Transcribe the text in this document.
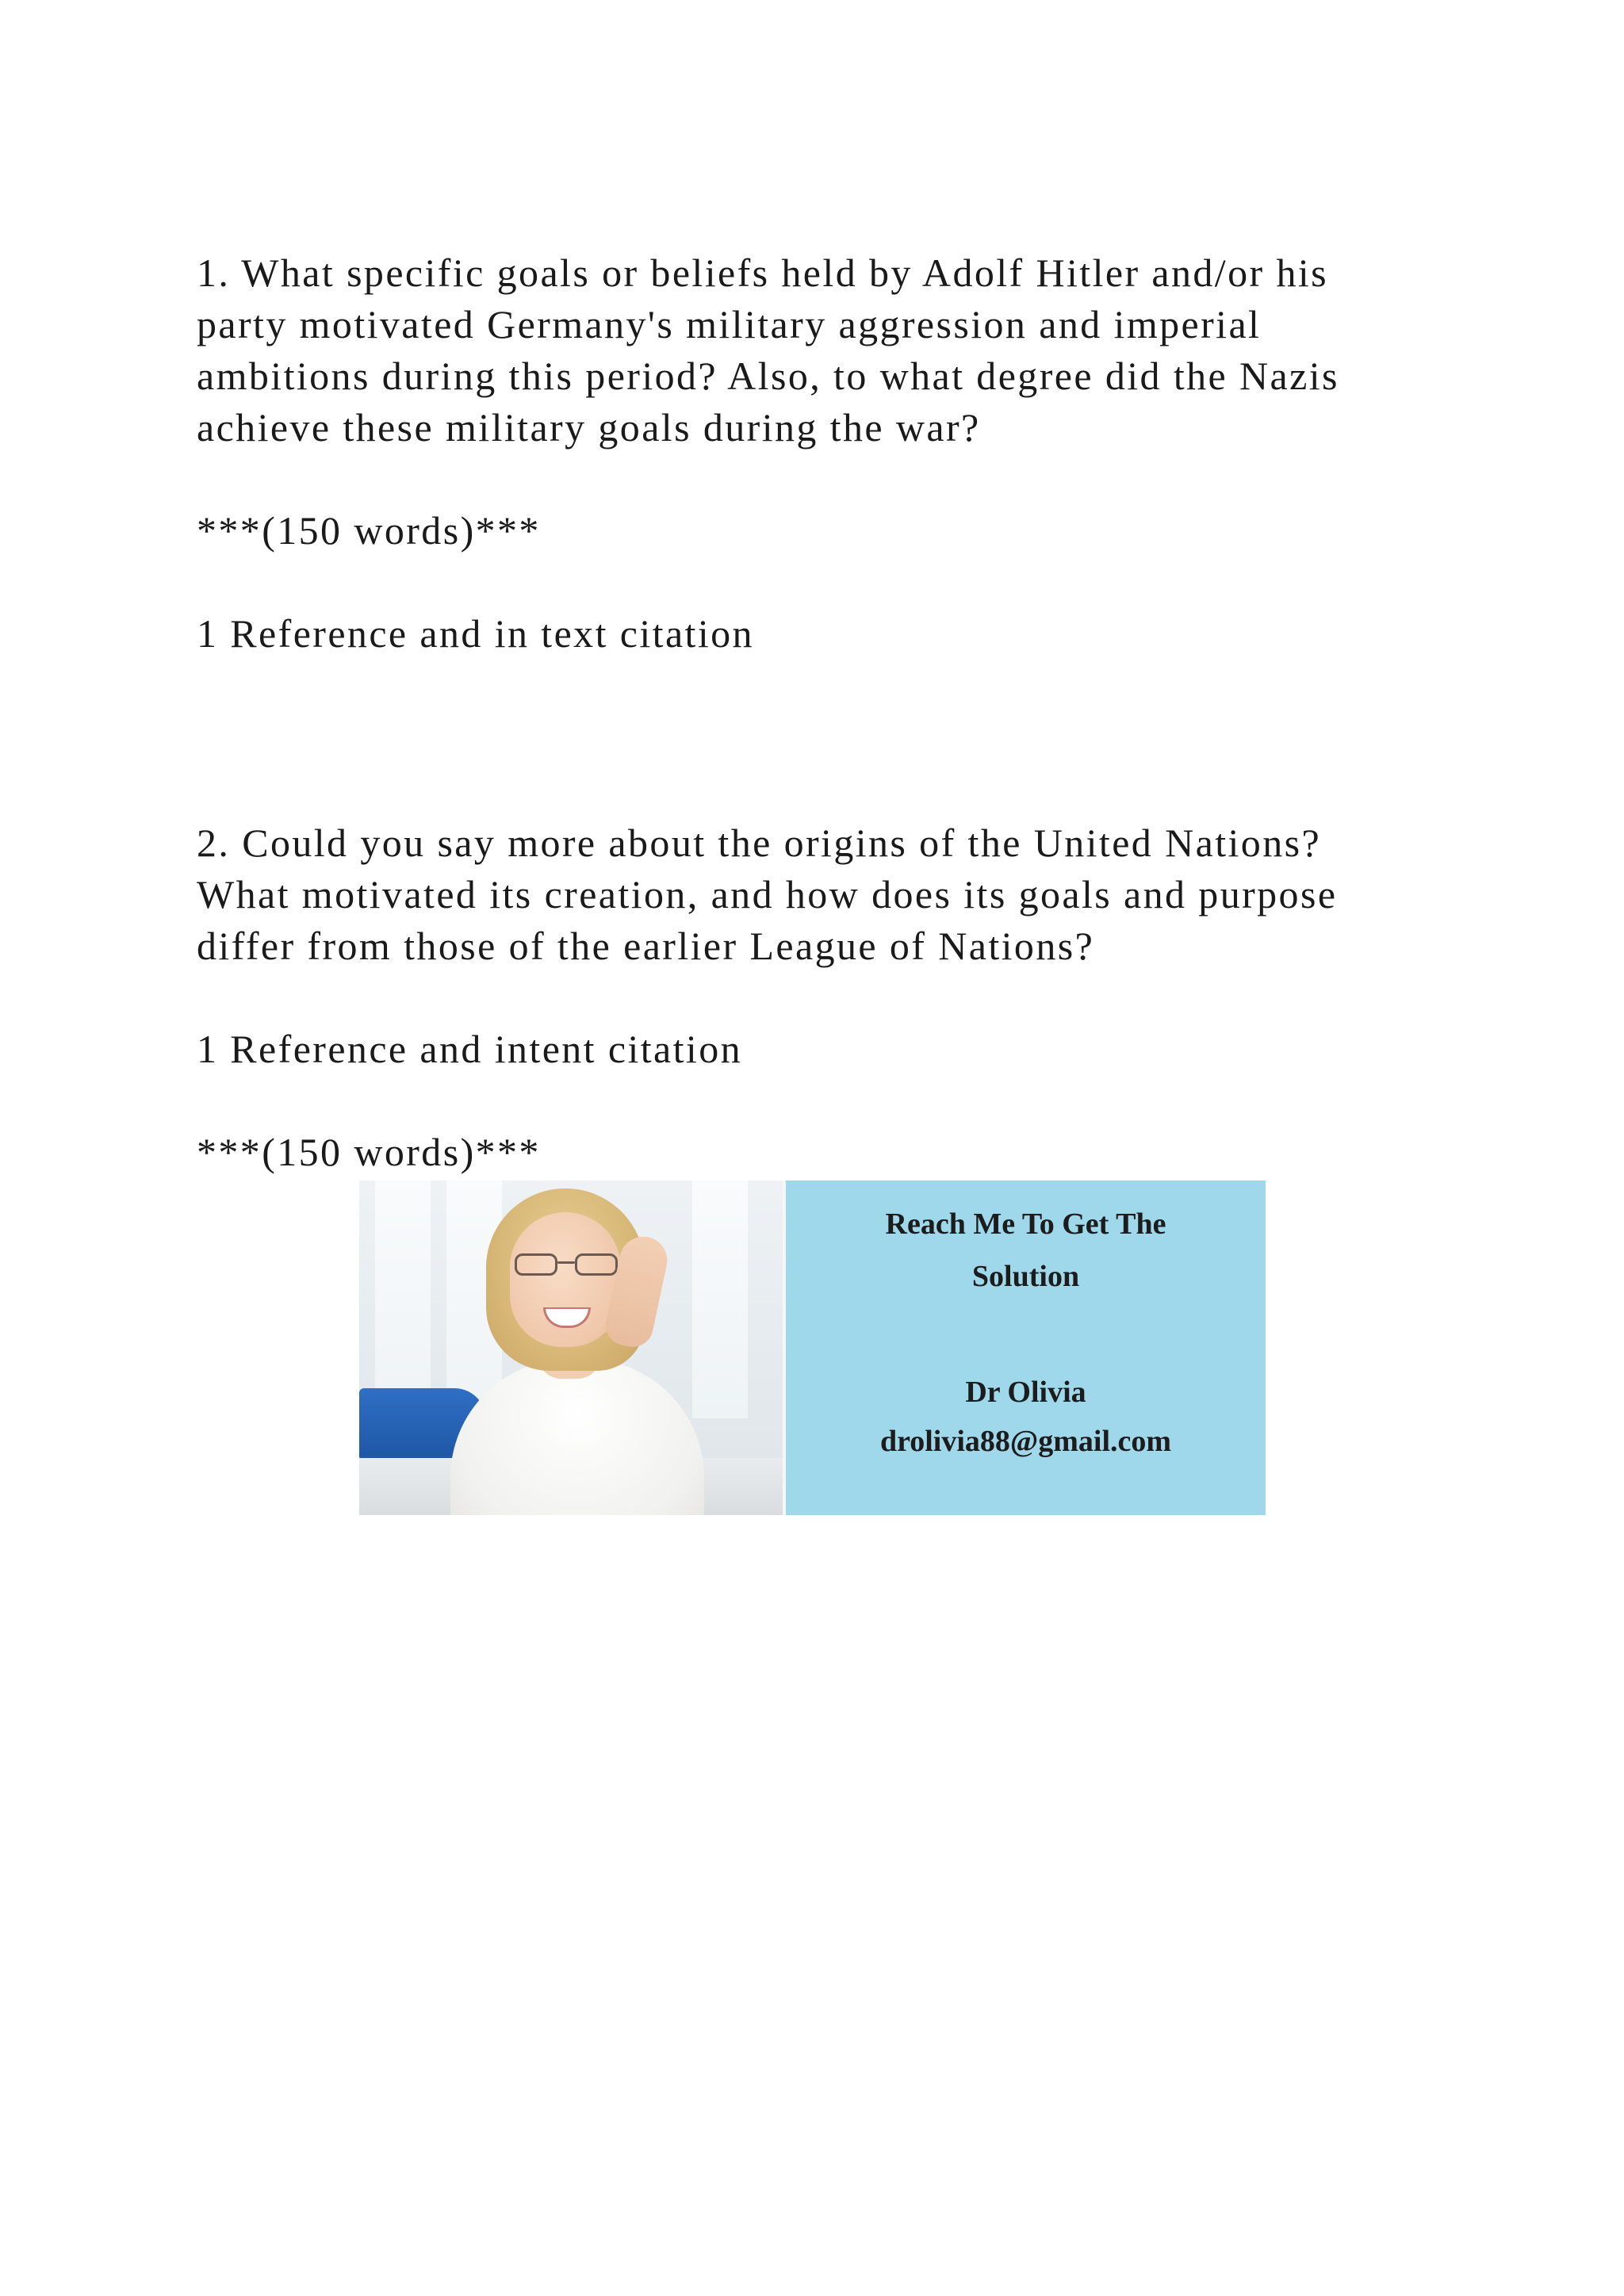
1. What specific goals or beliefs held by Adolf Hitler and/or his

party motivated Germany's military aggression and imperial

ambitions during this period? Also, to what degree did the Nazis

achieve these military goals during the war?

***(150 words)***

1 Reference and in text citation

2. Could you say more about the origins of the United Nations?

What motivated its creation, and how does its goals and purpose

differ from those of the earlier League of Nations?

1 Reference and intent citation

***(150 words)***

Reach Me To Get The
Solution
Dr Olivia
drolivia88@gmail.com
